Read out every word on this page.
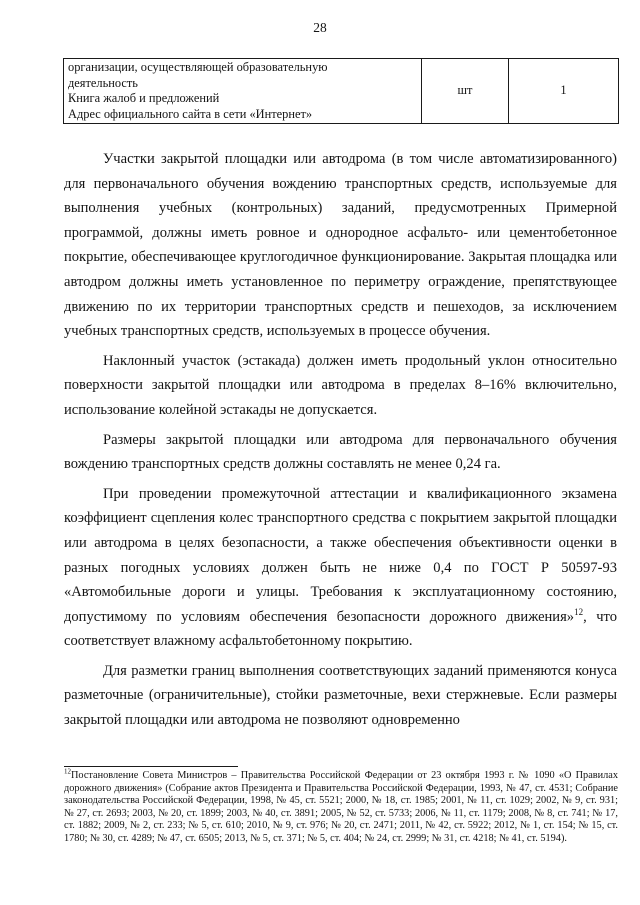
28
организации, осуществляющей образовательную
деятельность
Книга жалоб и предложений
Адрес официального сайта в сети «Интернет»
	шт	1

Участки закрытой площадки или автодрома (в том числе автоматизированного) для первоначального обучения вождению транспортных средств, используемые для выполнения учебных (контрольных) заданий, предусмотренных Примерной программой, должны иметь ровное и однородное асфальто- или цементобетонное покрытие, обеспечивающее круглогодичное функционирование. Закрытая площадка или автодром должны иметь установленное по периметру ограждение, препятствующее движению по их территории транспортных средств и пешеходов, за исключением учебных транспортных средств, используемых в процессе обучения.

Наклонный участок (эстакада) должен иметь продольный уклон относительно поверхности закрытой площадки или автодрома в пределах 8–16% включительно, использование колейной эстакады не допускается.

Размеры закрытой площадки или автодрома для первоначального обучения вождению транспортных средств должны составлять не менее 0,24 га.

При проведении промежуточной аттестации и квалификационного экзамена коэффициент сцепления колес транспортного средства с покрытием закрытой площадки или автодрома в целях безопасности, а также обеспечения объективности оценки в разных погодных условиях должен быть не ниже 0,4 по ГОСТ Р 50597-93 «Автомобильные дороги и улицы. Требования к эксплуатационному состоянию, допустимому по условиям обеспечения безопасности дорожного движения»$^{12}$, что соответствует влажному асфальтобетонному покрытию.

Для разметки границ выполнения соответствующих заданий применяются конуса разметочные (ограничительные), стойки разметочные, вехи стержневые. Если размеры закрытой площадки или автодрома не позволяют одновременно

$^{12}$Постановление Совета Министров – Правительства Российской Федерации от 23 октября 1993 г. № 1090 «О Правилах дорожного движения» (Собрание актов Президента и Правительства Российской Федерации, 1993, № 47, ст. 4531; Собрание законодательства Российской Федерации, 1998, № 45, ст. 5521; 2000, № 18, ст. 1985; 2001, № 11, ст. 1029; 2002, № 9, ст. 931; № 27, ст. 2693; 2003, № 20, ст. 1899; 2003, № 40, ст. 3891; 2005, № 52, ст. 5733; 2006, № 11, ст. 1179; 2008, № 8, ст. 741; № 17, ст. 1882; 2009, № 2, ст. 233; № 5, ст. 610; 2010, № 9, ст. 976; № 20, ст. 2471; 2011, № 42, ст. 5922; 2012, № 1, ст. 154; № 15, ст. 1780; № 30, ст. 4289; № 47, ст. 6505; 2013, № 5, ст. 371; № 5, ст. 404; № 24, ст. 2999; № 31, ст. 4218; № 41, ст. 5194).
